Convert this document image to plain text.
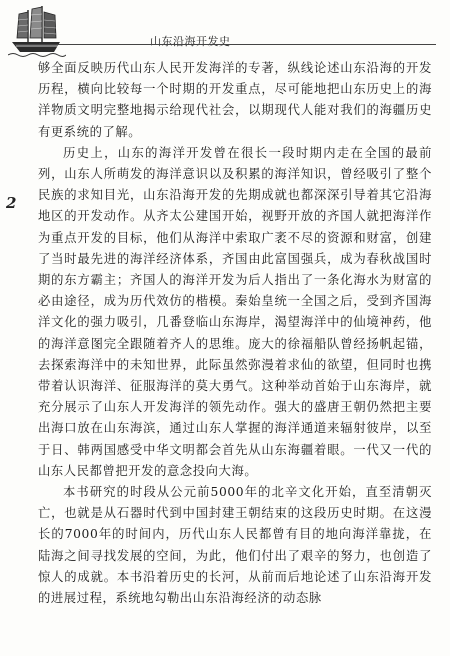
山东沿海开发史
2

够全面反映历代山东人民开发海洋的专著，纵线论述山东沿海的开发历程，横向比较每一个时期的开发重点，尽可能地把山东历史上的海洋物质文明完整地揭示给现代社会，以期现代人能对我们的海疆历史有更系统的了解。

历史上，山东的海洋开发曾在很长一段时期内走在全国的最前列，山东人所萌发的海洋意识以及积累的海洋知识，曾经吸引了整个民族的求知目光，山东沿海开发的先期成就也都深深引导着其它沿海地区的开发动作。从齐太公建国开始，视野开放的齐国人就把海洋作为重点开发的目标，他们从海洋中索取广袤不尽的资源和财富，创建了当时最先进的海洋经济体系，齐国由此富国强兵，成为春秋战国时期的东方霸主；齐国人的海洋开发为后人指出了一条化海水为财富的必由途径，成为历代效仿的楷模。秦始皇统一全国之后，受到齐国海洋文化的强力吸引，几番登临山东海岸，渴望海洋中的仙境神药，他的海洋意图完全跟随着齐人的思维。庞大的徐福船队曾经扬帆起锚，去探索海洋中的未知世界，此际虽然弥漫着求仙的欲望，但同时也携带着认识海洋、征服海洋的莫大勇气。这种举动首始于山东海岸，就充分展示了山东人开发海洋的领先动作。强大的盛唐王朝仍然把主要出海口放在山东海滨，通过山东人掌握的海洋通道来辐射彼岸，以至于日、韩两国感受中华文明都会首先从山东海疆着眼。一代又一代的山东人民都曾把开发的意念投向大海。

本书研究的时段从公元前5000年的北辛文化开始，直至清朝灭亡，也就是从石器时代到中国封建王朝结束的这段历史时期。在这漫长的7000年的时间内，历代山东人民都曾有目的地向海洋靠拢，在陆海之间寻找发展的空间，为此，他们付出了艰辛的努力，也创造了惊人的成就。本书沿着历史的长河，从前而后地论述了山东沿海开发的进展过程，系统地勾勒出山东沿海经济的动态脉
